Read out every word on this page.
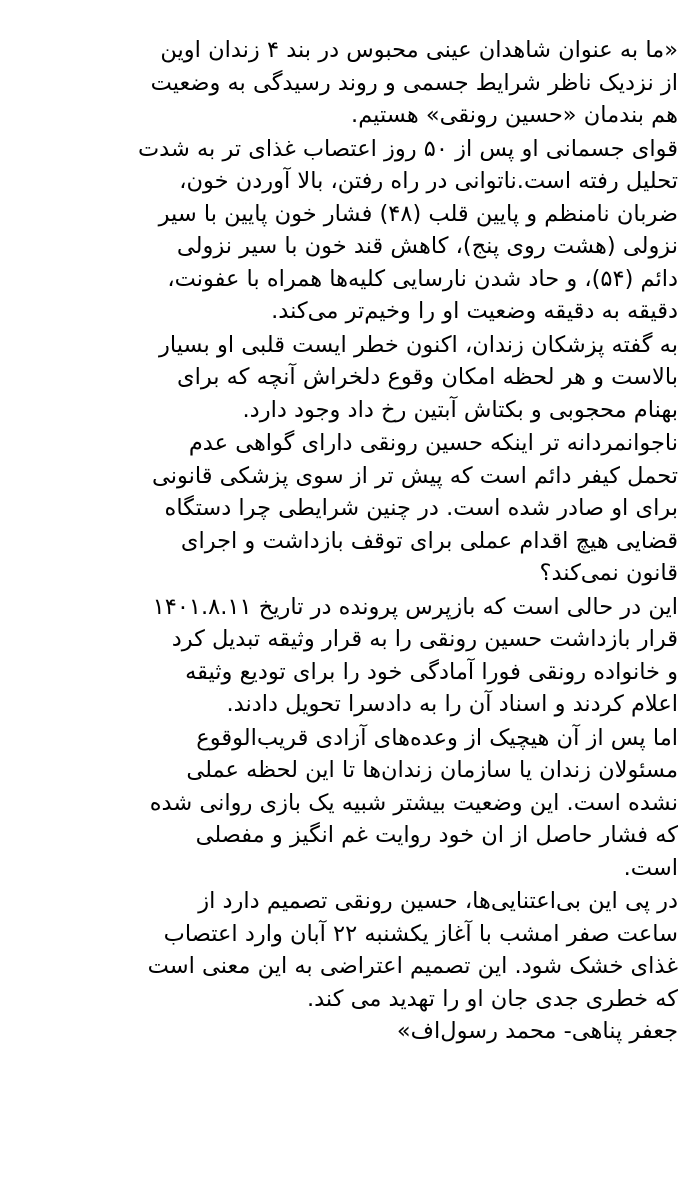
«ما به عنوان شاهدان عینی محبوس در بند ۴ زندان اوین
از نزدیک ناظر شرایط جسمی و روند رسیدگی به وضعیت
هم بندمان «حسین رونقی» هستیم.
قوای جسمانی او پس از ۵۰ روز اعتصاب غذای تر به شدت
تحلیل رفته است.ناتوانی در راه رفتن، بالا آوردن خون،
ضربان نامنظم و پایین قلب (۴۸) فشار خون پایین با سیر
نزولی (هشت روی پنج)، کاهش قند خون با سیر نزولی
دائم (۵۴)، و حاد شدن نارسایی کلیه‌ها همراه با عفونت،
دقیقه به دقیقه وضعیت او را وخیم‌تر می‌کند.
به گفته پزشکان زندان، اکنون خطر ایست قلبی او بسیار
بالاست و هر لحظه امکان وقوع دلخراش آنچه که برای
بهنام محجوبی و بکتاش آبتین رخ داد وجود دارد.
ناجوانمردانه تر اینکه حسین رونقی دارای گواهی عدم
تحمل کیفر دائم است که پیش تر از سوی پزشکی قانونی
برای او صادر شده است. در چنین شرایطی چرا دستگاه
قضایی هیچ اقدام عملی برای توقف بازداشت و اجرای
قانون نمی‌کند؟
این در حالی است که بازپرس پرونده در تاریخ ۱۴۰۱.۸.۱۱
قرار بازداشت حسین رونقی را به قرار وثیقه تبدیل کرد
و خانواده رونقی فورا آمادگی خود را برای تودیع وثیقه
اعلام کردند و اسناد آن را به دادسرا تحویل دادند.
اما پس از آن هیچیک از وعده‌های آزادی قریب‌الوقوع
مسئولان زندان یا سازمان زندان‌ها تا این لحظه عملی
نشده است. این وضعیت بیشتر شبیه یک بازی روانی شده
که فشار حاصل از ان خود روایت غم انگیز و مفصلی
است.
در پی این بی‌اعتنایی‌ها، حسین رونقی تصمیم دارد از
ساعت صفر امشب با آغاز یکشنبه ۲۲ آبان وارد اعتصاب
غذای خشک شود. این تصمیم اعتراضی به این معنی است
که خطری جدی جان او را تهدید می کند.
جعفر پناهی- محمد رسول‌اف»
